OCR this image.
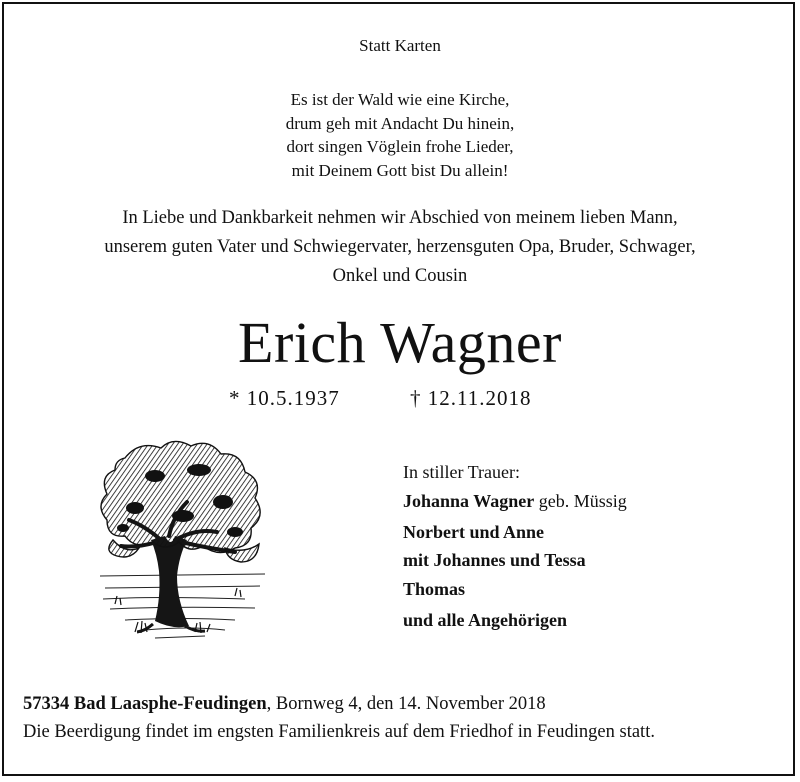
Statt Karten
Es ist der Wald wie eine Kirche,
drum geh mit Andacht Du hinein,
dort singen Vöglein frohe Lieder,
mit Deinem Gott bist Du allein!
In Liebe und Dankbarkeit nehmen wir Abschied von meinem lieben Mann,
unserem guten Vater und Schwiegervater, herzensguten Opa, Bruder, Schwager,
Onkel und Cousin
Erich Wagner
* 10.5.1937	† 12.11.2018
In stiller Trauer:
Johanna Wagner geb. Müssig
Norbert und Anne
mit Johannes und Tessa
Thomas
und alle Angehörigen
57334 Bad Laasphe-Feudingen, Bornweg 4, den 14. November 2018
Die Beerdigung findet im engsten Familienkreis auf dem Friedhof in Feudingen statt.
